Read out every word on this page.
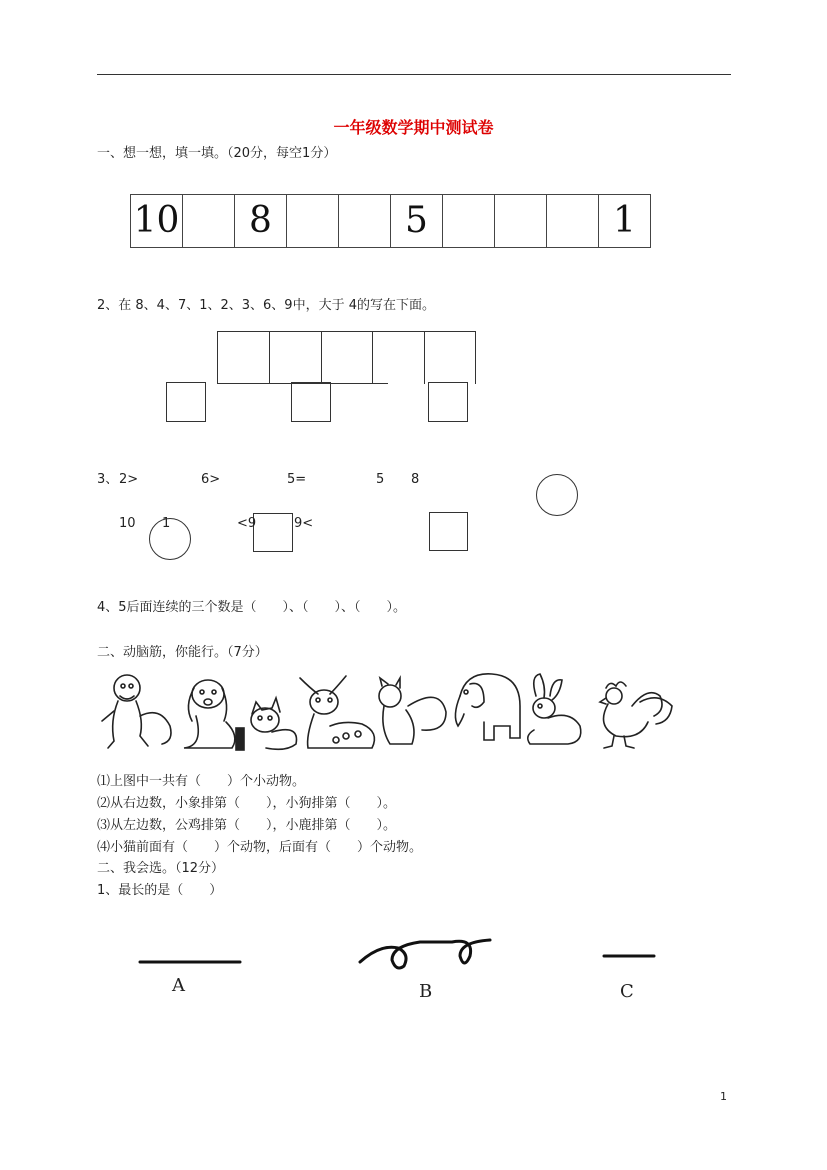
一年级数学期中测试卷
一、想一想，填一填。（20分，每空1分）
10	8	5	1
2、在 8、4、7、1、2、3、6、9中，大于 4的写在下面。
3、 2>	6>	5=	5 8
10 1	<9	9<
4、5后面连续的三个数是（　　）、（　　）、（　　）。
二、动脑筋，你能行。（7分）
⑴上图中一共有（　　）个小动物。
⑵从右边数，小象排第（　　），小狗排第（　　）。
⑶从左边数，公鸡排第（　　），小鹿排第（　　）。
⑷小猫前面有（　　）个动物，后面有（　　）个动物。
二、我会选。（12分）
1、最长的是（　　）
A	B	C
1
